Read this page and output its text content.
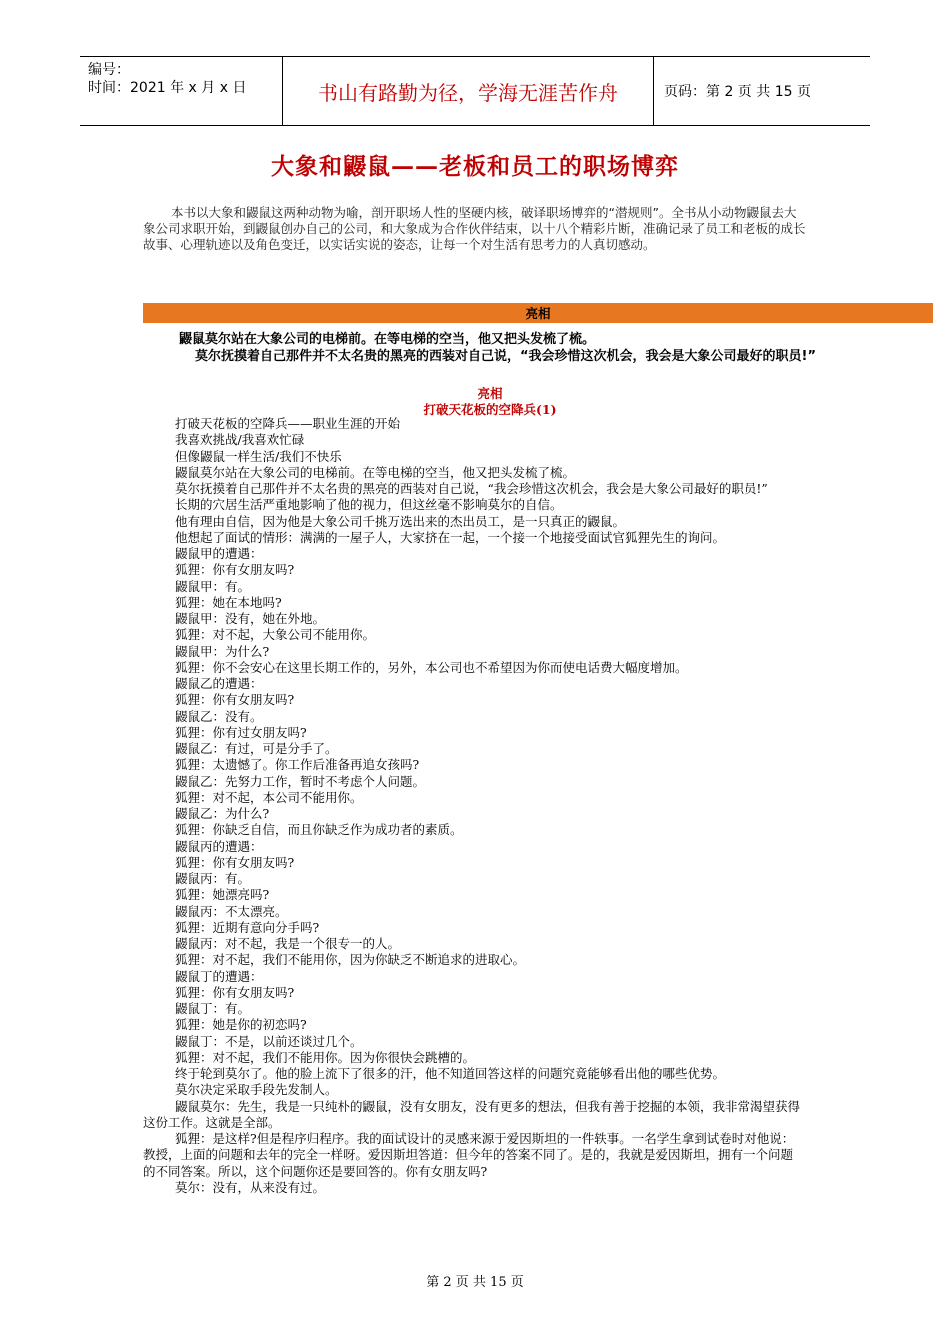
编号：
时间：2021 年 x 月 x 日	书山有路勤为径，学海无涯苦作舟	页码：第 2 页 共 15 页
大象和鼹鼠——老板和员工的职场博弈
本书以大象和鼹鼠这两种动物为喻，剖开职场人性的坚硬内核，破译职场博弈的“潜规则”。全书从小动物鼹鼠去大象公司求职开始，到鼹鼠创办自己的公司，和大象成为合作伙伴结束，以十八个精彩片断，准确记录了员工和老板的成长故事、心理轨迹以及角色变迁，以实话实说的姿态，让每一个对生活有思考力的人真切感动。
亮相
鼹鼠莫尔站在大象公司的电梯前。在等电梯的空当，他又把头发梳了梳。
莫尔抚摸着自己那件并不太名贵的黑亮的西装对自己说，“我会珍惜这次机会，我会是大象公司最好的职员!”
亮相
打破天花板的空降兵(1)
打破天花板的空降兵——职业生涯的开始
我喜欢挑战/我喜欢忙碌
但像鼹鼠一样生活/我们不快乐
鼹鼠莫尔站在大象公司的电梯前。在等电梯的空当，他又把头发梳了梳。
莫尔抚摸着自己那件并不太名贵的黑亮的西装对自己说，“我会珍惜这次机会，我会是大象公司最好的职员!”
长期的穴居生活严重地影响了他的视力，但这丝毫不影响莫尔的自信。
他有理由自信，因为他是大象公司千挑万选出来的杰出员工，是一只真正的鼹鼠。
他想起了面试的情形：满满的一屋子人，大家挤在一起，一个接一个地接受面试官狐狸先生的询问。
鼹鼠甲的遭遇：
狐狸：你有女朋友吗?
鼹鼠甲：有。
狐狸：她在本地吗?
鼹鼠甲：没有，她在外地。
狐狸：对不起，大象公司不能用你。
鼹鼠甲：为什么?
狐狸：你不会安心在这里长期工作的，另外，本公司也不希望因为你而使电话费大幅度增加。
鼹鼠乙的遭遇：
狐狸：你有女朋友吗?
鼹鼠乙：没有。
狐狸：你有过女朋友吗?
鼹鼠乙：有过，可是分手了。
狐狸：太遗憾了。你工作后准备再追女孩吗?
鼹鼠乙：先努力工作，暂时不考虑个人问题。
狐狸：对不起，本公司不能用你。
鼹鼠乙：为什么?
狐狸：你缺乏自信，而且你缺乏作为成功者的素质。
鼹鼠丙的遭遇：
狐狸：你有女朋友吗?
鼹鼠丙：有。
狐狸：她漂亮吗?
鼹鼠丙：不太漂亮。
狐狸：近期有意向分手吗?
鼹鼠丙：对不起，我是一个很专一的人。
狐狸：对不起，我们不能用你，因为你缺乏不断追求的进取心。
鼹鼠丁的遭遇：
狐狸：你有女朋友吗?
鼹鼠丁：有。
狐狸：她是你的初恋吗?
鼹鼠丁：不是，以前还谈过几个。
狐狸：对不起，我们不能用你。因为你很快会跳槽的。
终于轮到莫尔了。他的脸上流下了很多的汗，他不知道回答这样的问题究竟能够看出他的哪些优势。
莫尔决定采取手段先发制人。
鼹鼠莫尔：先生，我是一只纯朴的鼹鼠，没有女朋友，没有更多的想法，但我有善于挖掘的本领，我非常渴望获得这份工作。这就是全部。
狐狸：是这样?但是程序归程序。我的面试设计的灵感来源于爱因斯坦的一件轶事。一名学生拿到试卷时对他说：教授，上面的问题和去年的完全一样呀。爱因斯坦答道：但今年的答案不同了。是的，我就是爱因斯坦，拥有一个问题的不同答案。所以，这个问题你还是要回答的。你有女朋友吗?
莫尔：没有，从来没有过。
第 2 页 共 15 页
